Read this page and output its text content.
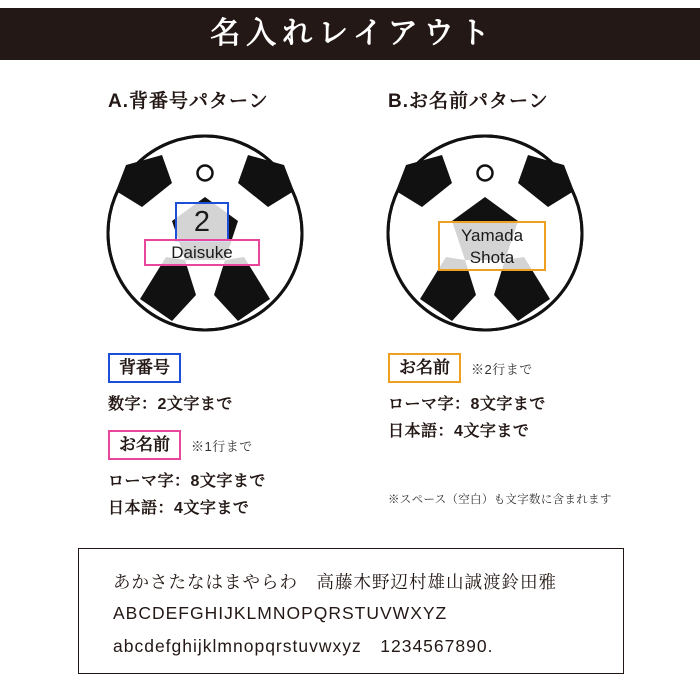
名入れレイアウト
A.背番号パターン
2
Daisuke
背番号
数字：2文字まで
お名前	※1行まで
ローマ字：8文字まで
日本語：4文字まで
B.お名前パターン
Yamada
Shota
お名前	※2行まで
ローマ字：8文字まで
日本語：4文字まで
※スペース（空白）も文字数に含まれます
あかさたなはまやらわ　高藤木野辺村雄山誠渡鈴田雅
ABCDEFGHIJKLMNOPQRSTUVWXYZ
abcdefghijklmnopqrstuvwxyz　1234567890.
